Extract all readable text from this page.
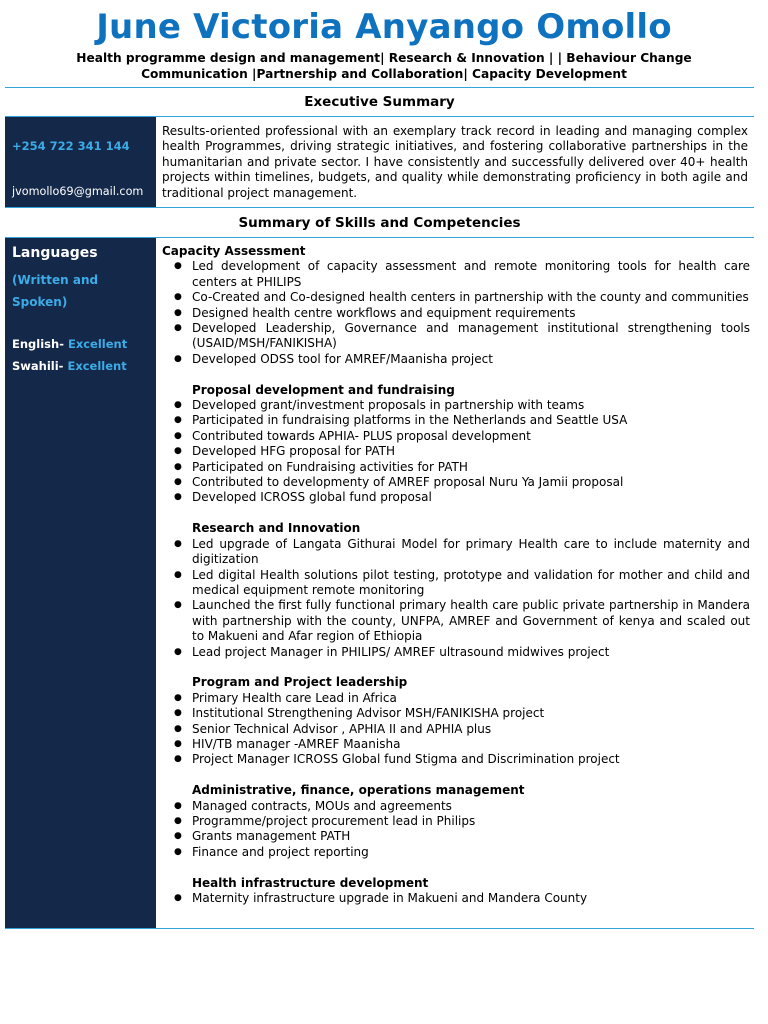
June Victoria Anyango Omollo
Health programme design and management| Research & Innovation | | Behaviour Change
Communication |Partnership and Collaboration| Capacity Development
Executive Summary
+254 722 341 144
jvomollo69@gmail.com
Results-oriented professional with an exemplary track record in leading and managing complex health Programmes, driving strategic initiatives, and fostering collaborative partnerships in the humanitarian and private sector. I have consistently and successfully delivered over 40+ health projects within timelines, budgets, and quality while demonstrating proficiency in both agile and traditional project management.
Summary of Skills and Competencies
Languages
(Written and Spoken)
English- Excellent
Swahili- Excellent
Capacity Assessment
● Led development of capacity assessment and remote monitoring tools for health care centers at PHILIPS
● Co-Created and Co-designed health centers in partnership with the county and communities
● Designed health centre workflows and equipment requirements
● Developed Leadership, Governance and management institutional strengthening tools (USAID/MSH/FANIKISHA)
● Developed ODSS tool for AMREF/Maanisha project
Proposal development and fundraising
● Developed grant/investment proposals in partnership with teams
● Participated in fundraising platforms in the Netherlands and Seattle USA
● Contributed towards APHIA- PLUS proposal development
● Developed HFG proposal for PATH
● Participated on Fundraising activities for PATH
● Contributed to developmenty of AMREF proposal Nuru Ya Jamii proposal
● Developed ICROSS global fund proposal
Research and Innovation
● Led upgrade of Langata Githurai Model for primary Health care to include maternity and digitization
● Led digital Health solutions pilot testing, prototype and validation for mother and child and medical equipment remote monitoring
● Launched the first fully functional primary health care public private partnership in Mandera with partnership with the county, UNFPA, AMREF and Government of kenya and scaled out to Makueni and Afar region of Ethiopia
● Lead project Manager in PHILIPS/ AMREF ultrasound midwives project
Program and Project leadership
● Primary Health care Lead in Africa
● Institutional Strengthening Advisor MSH/FANIKISHA project
● Senior Technical Advisor , APHIA II and APHIA plus
● HIV/TB manager -AMREF Maanisha
● Project Manager ICROSS Global fund Stigma and Discrimination project
Administrative, finance, operations management
● Managed contracts, MOUs and agreements
● Programme/project procurement lead in Philips
● Grants management PATH
● Finance and project reporting
Health infrastructure development
● Maternity infrastructure upgrade in Makueni and Mandera County
